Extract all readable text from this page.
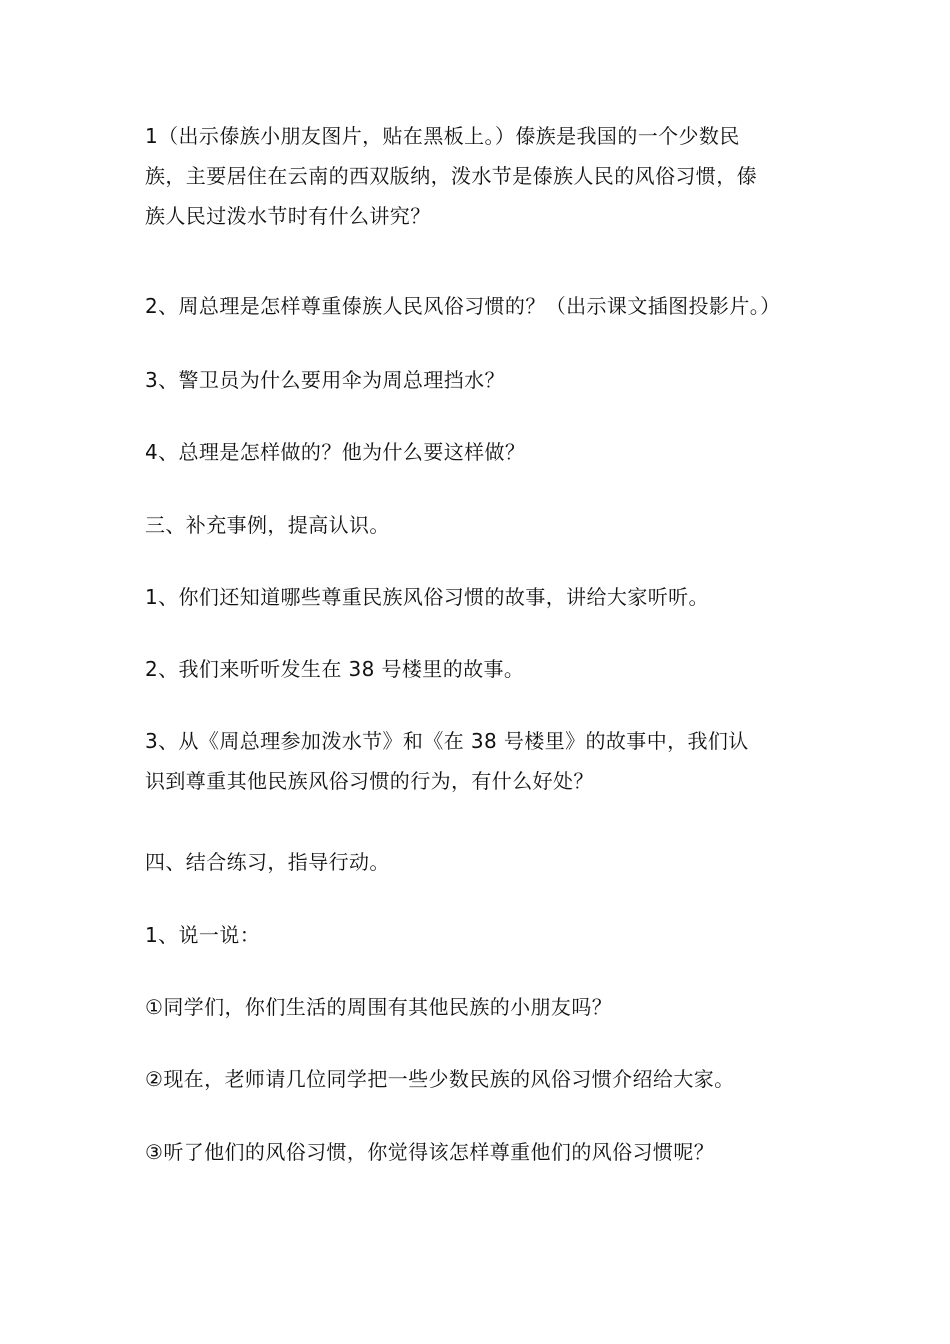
1（出示傣族小朋友图片，贴在黑板上。）傣族是我国的一个少数民
族，主要居住在云南的西双版纳，泼水节是傣族人民的风俗习惯，傣
族人民过泼水节时有什么讲究？
2、周总理是怎样尊重傣族人民风俗习惯的？（出示课文插图投影片。）
3、警卫员为什么要用伞为周总理挡水？
4、总理是怎样做的？他为什么要这样做？
三、补充事例，提高认识。
1、你们还知道哪些尊重民族风俗习惯的故事，讲给大家听听。
2、我们来听听发生在 38 号楼里的故事。
3、从《周总理参加泼水节》和《在 38 号楼里》的故事中，我们认
识到尊重其他民族风俗习惯的行为，有什么好处？
四、结合练习，指导行动。
1、说一说：
①同学们，你们生活的周围有其他民族的小朋友吗？
②现在，老师请几位同学把一些少数民族的风俗习惯介绍给大家。
③听了他们的风俗习惯，你觉得该怎样尊重他们的风俗习惯呢？
